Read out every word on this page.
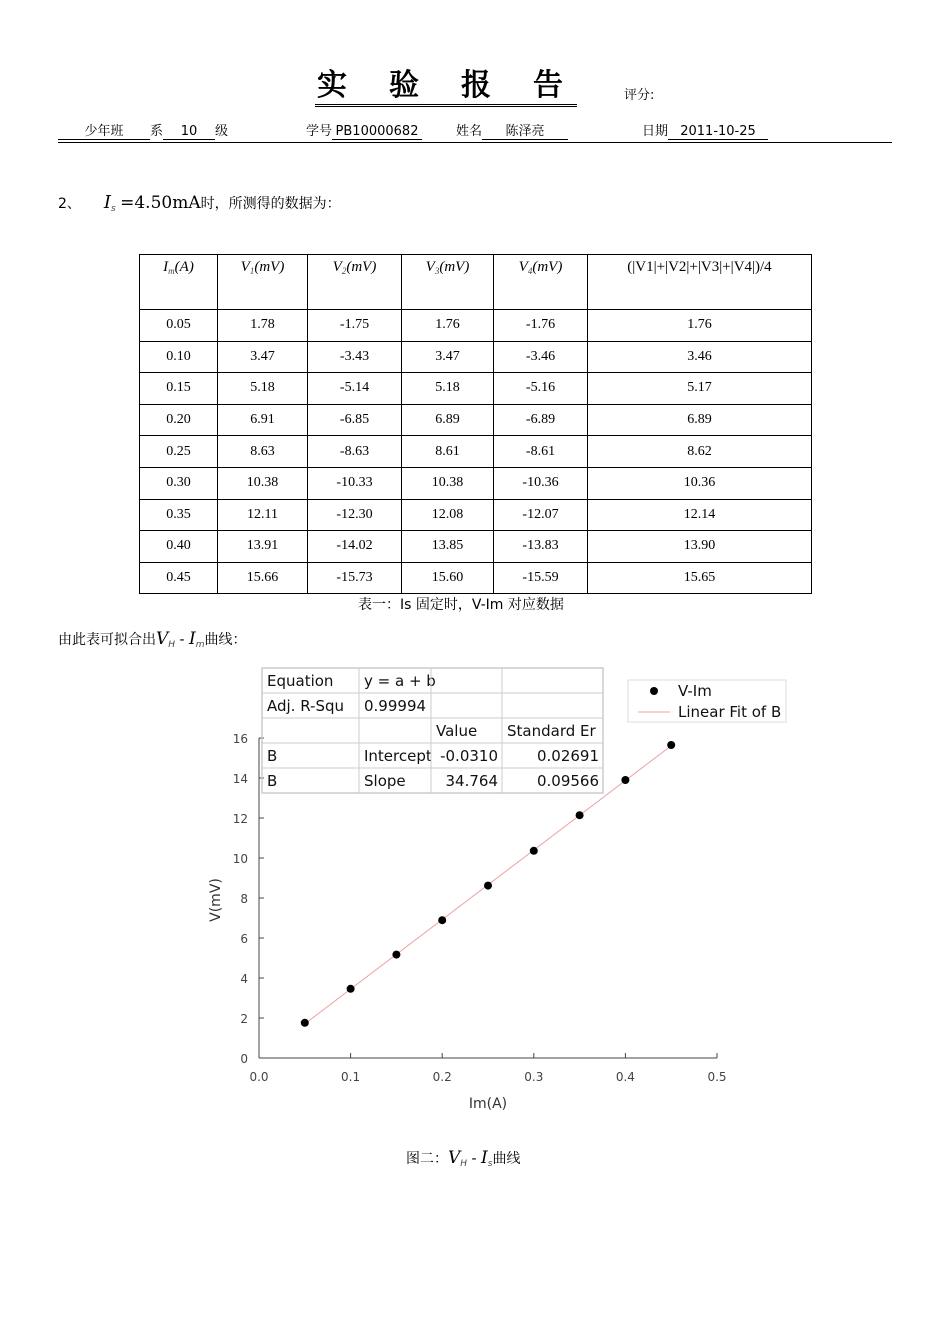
实 验 报 告	评分:
少年班 系 10 级	学号 PB10000682	姓名 陈泽亮	日期 2011-10-25
2、 $I_s =4.50mA$时，所测得的数据为：
$I_m(A)$	$V_1(mV)$	$V_2(mV)$	$V_3(mV)$	$V_4(mV)$	(|V1|+|V2|+|V3|+|V4|)/4
0.05	1.78	-1.75	1.76	-1.76	1.76
0.10	3.47	-3.43	3.47	-3.46	3.46
0.15	5.18	-5.14	5.18	-5.16	5.17
0.20	6.91	-6.85	6.89	-6.89	6.89
0.25	8.63	-8.63	8.61	-8.61	8.62
0.30	10.38	-10.33	10.38	-10.36	10.36
0.35	12.11	-12.30	12.08	-12.07	12.14
0.40	13.91	-14.02	13.85	-13.83	13.90
0.45	15.66	-15.73	15.60	-15.59	15.65
表一：Is 固定时，V-Im 对应数据
由此表可拟合出$V_H - I_m$曲线：
0.0	0.1	0.2	0.3	0.4	0.5
0
2
4
6
8
10
12
14
16
Equation y = a + b
Adj. R-Squ 0.99994
Value Standard Er
B	Intercept -0.0310	0.02691
B	Slope	34.764	0.09566
V-Im
Linear Fit of B
Im(A)
V(mV)
图二：$V_H - I_s$曲线
